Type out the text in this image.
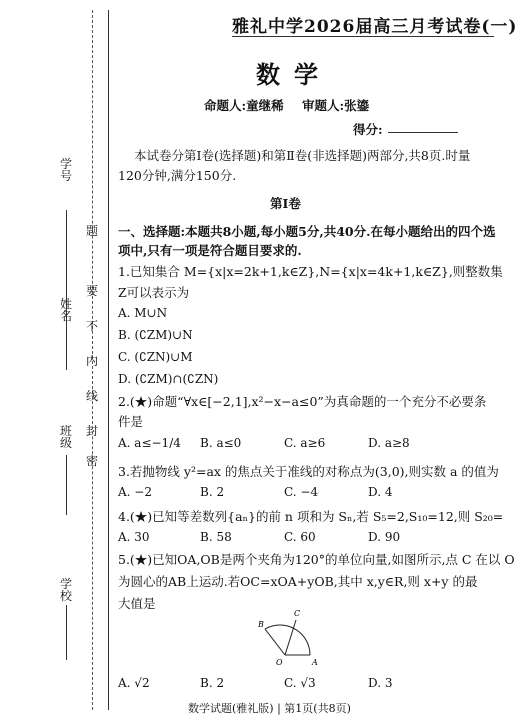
学号
姓名
班级
学校
题
要
不
内
线
封
密
雅礼中学2026届高三月考试卷(一)
数学
命题人:童继稀 审题人:张鎏
得分:
本试卷分第Ⅰ卷(选择题)和第Ⅱ卷(非选择题)两部分,共8页.时量
120分钟,满分150分.
第Ⅰ卷
一、选择题:本题共8小题,每小题5分,共40分.在每小题给出的四个选
项中,只有一项是符合题目要求的.
1.已知集合 M={x|x=2k+1,k∈Z},N={x|x=4k+1,k∈Z},则整数集
Z可以表示为
A. M∪N
B. (∁ZM)∪N
C. (∁ZN)∪M
D. (∁ZM)∩(∁ZN)
2.(★)命题“∀x∈[−2,1],x²−x−a≤0”为真命题的一个充分不必要条
件是
A. a≤−1/4 B. a≤0	C. a≥6	D. a≥8
3.若抛物线 y²=ax 的焦点关于准线的对称点为(3,0),则实数 a 的值为
A. −2	B. 2	C. −4	D. 4
4.(★)已知等差数列{aₙ}的前 n 项和为 Sₙ,若 S₅=2,S₁₀=12,则 S₂₀=
A. 30	B. 58	C. 60	D. 90
5.(★)已知OA,OB是两个夹角为120°的单位向量,如图所示,点 C 在以 O
为圆心的AB上运动.若OC=xOA+yOB,其中 x,y∈R,则 x+y 的最
大值是
B
C
O	A
A. √2	B. 2	C. √3	D. 3
数学试题(雅礼版) | 第1页(共8页)
